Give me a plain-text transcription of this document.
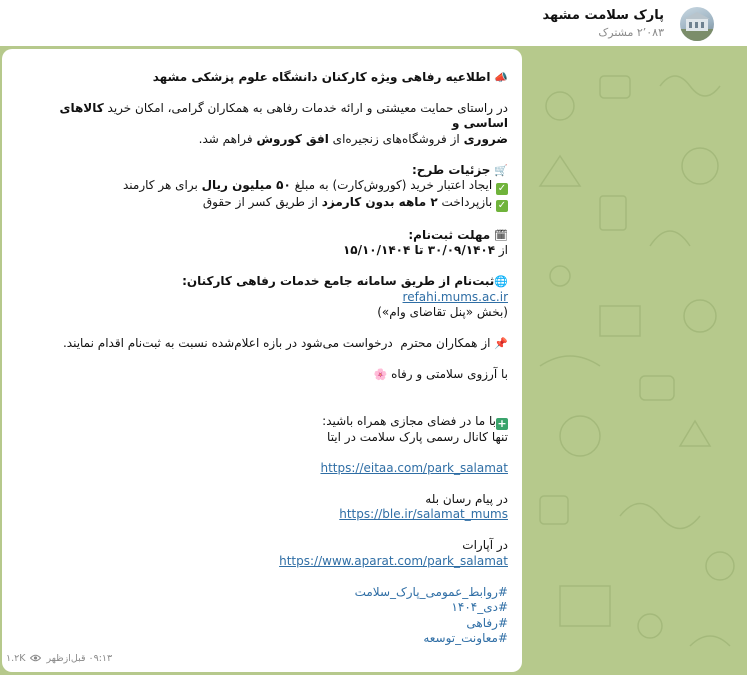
پارک سلامت مشهد
۲٬۰۸۳ مشترک

📣 اطلاعیه رفاهی ویژه کارکنان دانشگاه علوم پزشکی مشهد
در راستای حمایت معیشتی و ارائه خدمات رفاهی به همکاران گرامی، امکان خرید کالاهای اساسی و
ضروری از فروشگاه‌های زنجیره‌ای افق کوروش فراهم شد.
🛒 جزئیات طرح:
✓ ایجاد اعتبار خرید (کوروش‌کارت) به مبلغ ۵۰ میلیون ریال برای هر کارمند
✓ بازپرداخت ۲ ماهه بدون کارمزد از طریق کسر از حقوق
🗓 مهلت ثبت‌نام:
از ۳۰/۰۹/۱۴۰۴ تا ۱۵/۱۰/۱۴۰۴
🌐ثبت‌نام از طریق سامانه جامع خدمات رفاهی کارکنان:
refahi.mums.ac.ir
(بخش «پنل تقاضای وام»)
📌 از همکاران محترم  درخواست می‌شود در بازه اعلام‌شده نسبت به ثبت‌نام اقدام نمایند.
با آرزوی سلامتی و رفاه 🌸
+با ما در فضای مجازی همراه باشید:
تنها کانال رسمی پارک سلامت در ایتا
https://eitaa.com/park_salamat
در پیام رسان بله
https://ble.ir/salamat_mums
در آپارات
https://www.aparat.com/park_salamat
#روابط_عمومی_پارک_سلامت
#دی_۱۴۰۴
#رفاهی
#معاونت_توسعه

۰۹:۱۳ قبل‌ازظهر
۱.۲K
